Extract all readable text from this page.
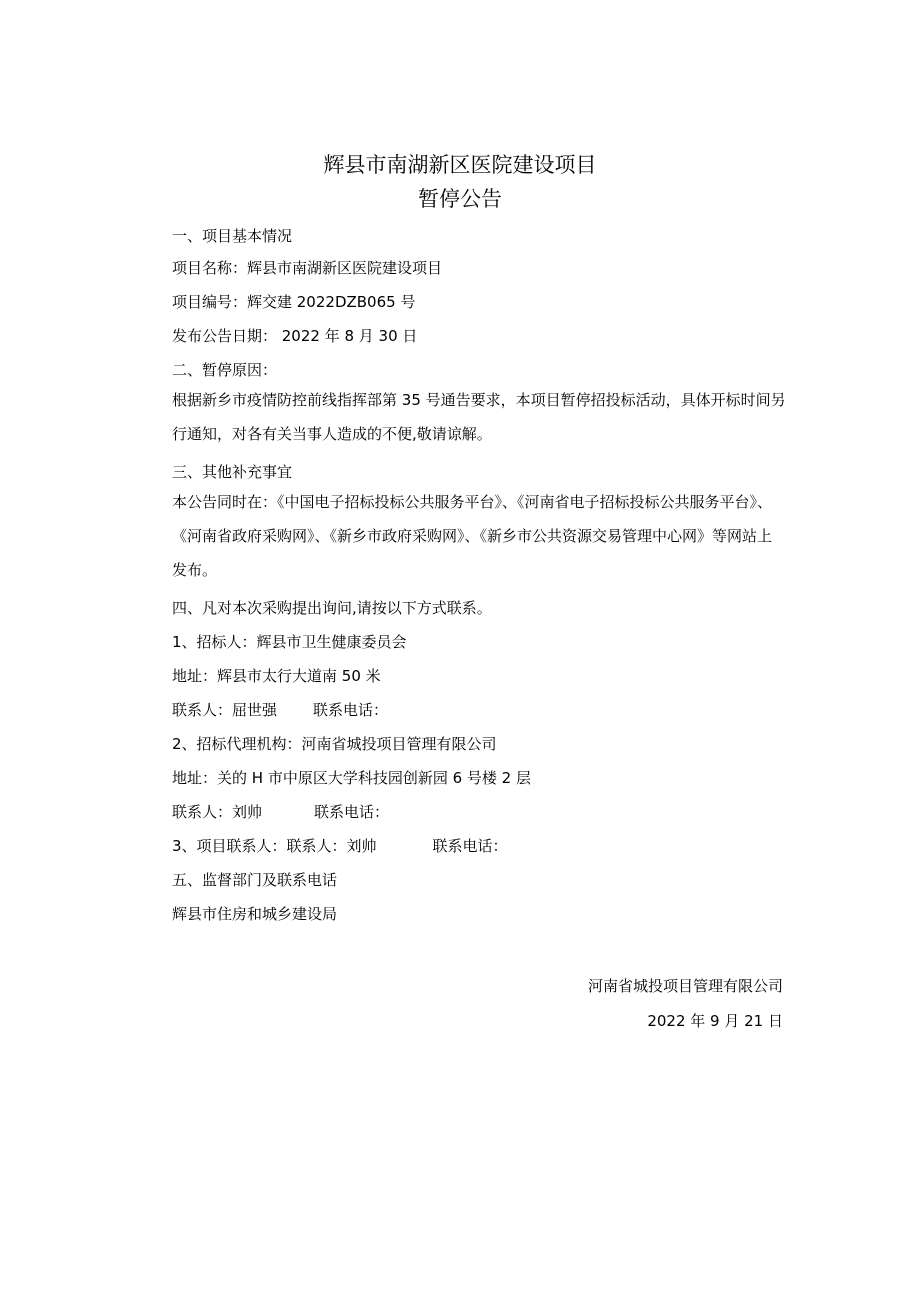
辉县市南湖新区医院建设项目
暂停公告
一、项目基本情况
项目名称：辉县市南湖新区医院建设项目
项目编号：辉交建 2022DZB065 号
发布公告日期： 2022 年 8 月 30 日
二、暂停原因：
根据新乡市疫情防控前线指挥部第 35 号通告要求，本项目暂停招投标活动，具体开标时间另行通知，对各有关当事人造成的不便,敬请谅解。
三、其他补充事宜
本公告同时在：《中国电子招标投标公共服务平台》、《河南省电子招标投标公共服务平台》、《河南省政府采购网》、《新乡市政府采购网》、《新乡市公共资源交易管理中心网》等网站上发布。
四、凡对本次采购提出询问,请按以下方式联系。
1、招标人：辉县市卫生健康委员会
地址：辉县市太行大道南 50 米
联系人：屈世强 联系电话：
2、招标代理机构：河南省城投项目管理有限公司
地址：关的 H 市中原区大学科技园创新园 6 号楼 2 层
联系人：刘帅	联系电话：
3、项目联系人：联系人：刘帅	联系电话：
五、监督部门及联系电话
辉县市住房和城乡建设局
河南省城投项目管理有限公司
2022 年 9 月 21 日
